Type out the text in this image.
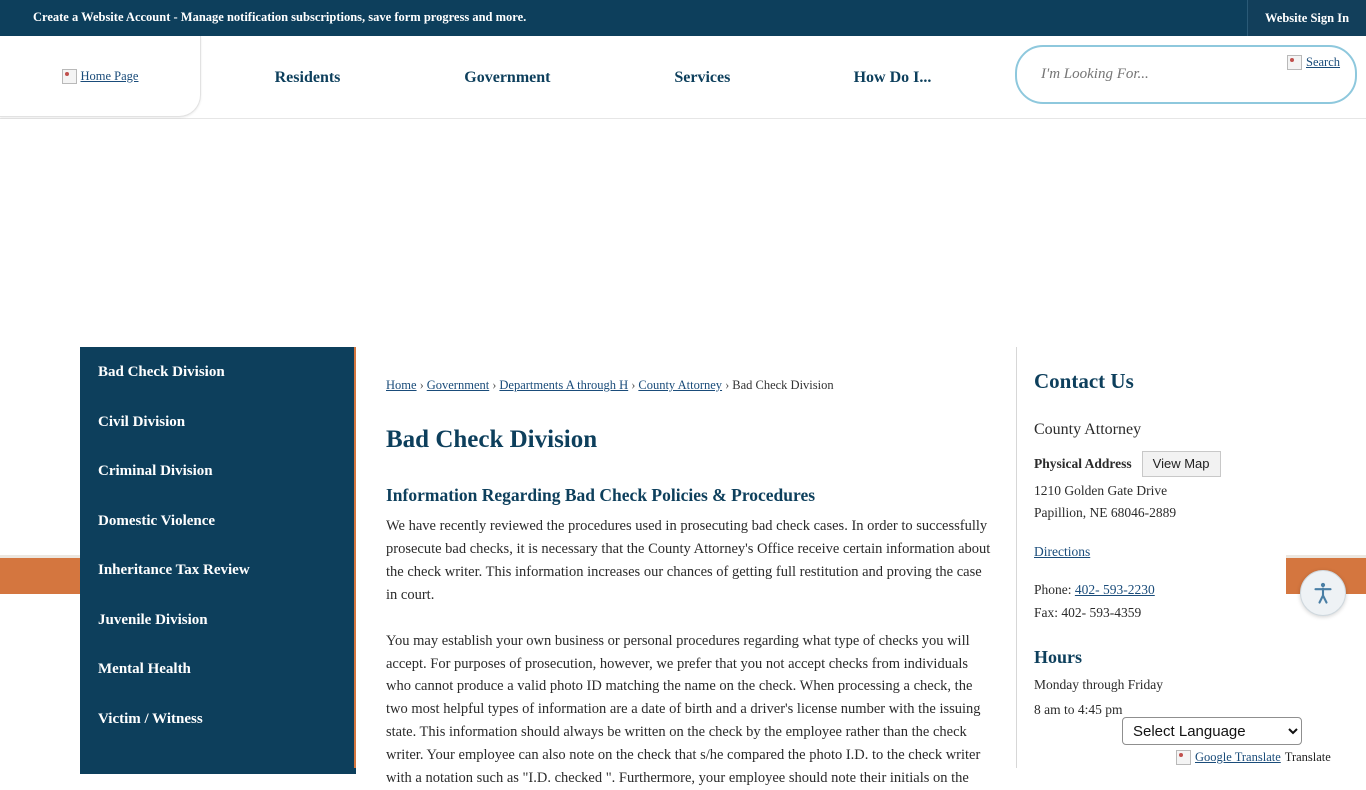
Create a Website Account - Manage notification subscriptions, save form progress and more.	Website Sign In
Home Page	Residents	Government	Services	How Do I...
I'm Looking For...
Search
Bad Check Division
Civil Division
Criminal Division
Domestic Violence
Inheritance Tax Review
Juvenile Division
Mental Health
Victim / Witness
Home › Government › Departments A through H › County Attorney › Bad Check Division
Bad Check Division
Information Regarding Bad Check Policies & Procedures
We have recently reviewed the procedures used in prosecuting bad check cases. In order to successfully prosecute bad checks, it is necessary that the County Attorney's Office receive certain information about the check writer. This information increases our chances of getting full restitution and proving the case in court.
You may establish your own business or personal procedures regarding what type of checks you will accept. For purposes of prosecution, however, we prefer that you not accept checks from individuals who cannot produce a valid photo ID matching the name on the check. When processing a check, the two most helpful types of information are a date of birth and a driver's license number with the issuing state. This information should always be written on the check by the employee rather than the check writer. Your employee can also note on the check that s/he compared the photo I.D. to the check writer with a notation such as "I.D. checked ". Furthermore, your employee should note their initials on the
Contact Us
County Attorney
Physical Address	View Map
1210 Golden Gate Drive
Papillion, NE 68046-2889
Directions
Phone: 402- 593-2230
Fax: 402- 593-4359
Hours
Monday through Friday
8 am to 4:45 pm
Select Language
Google Translate Translate
